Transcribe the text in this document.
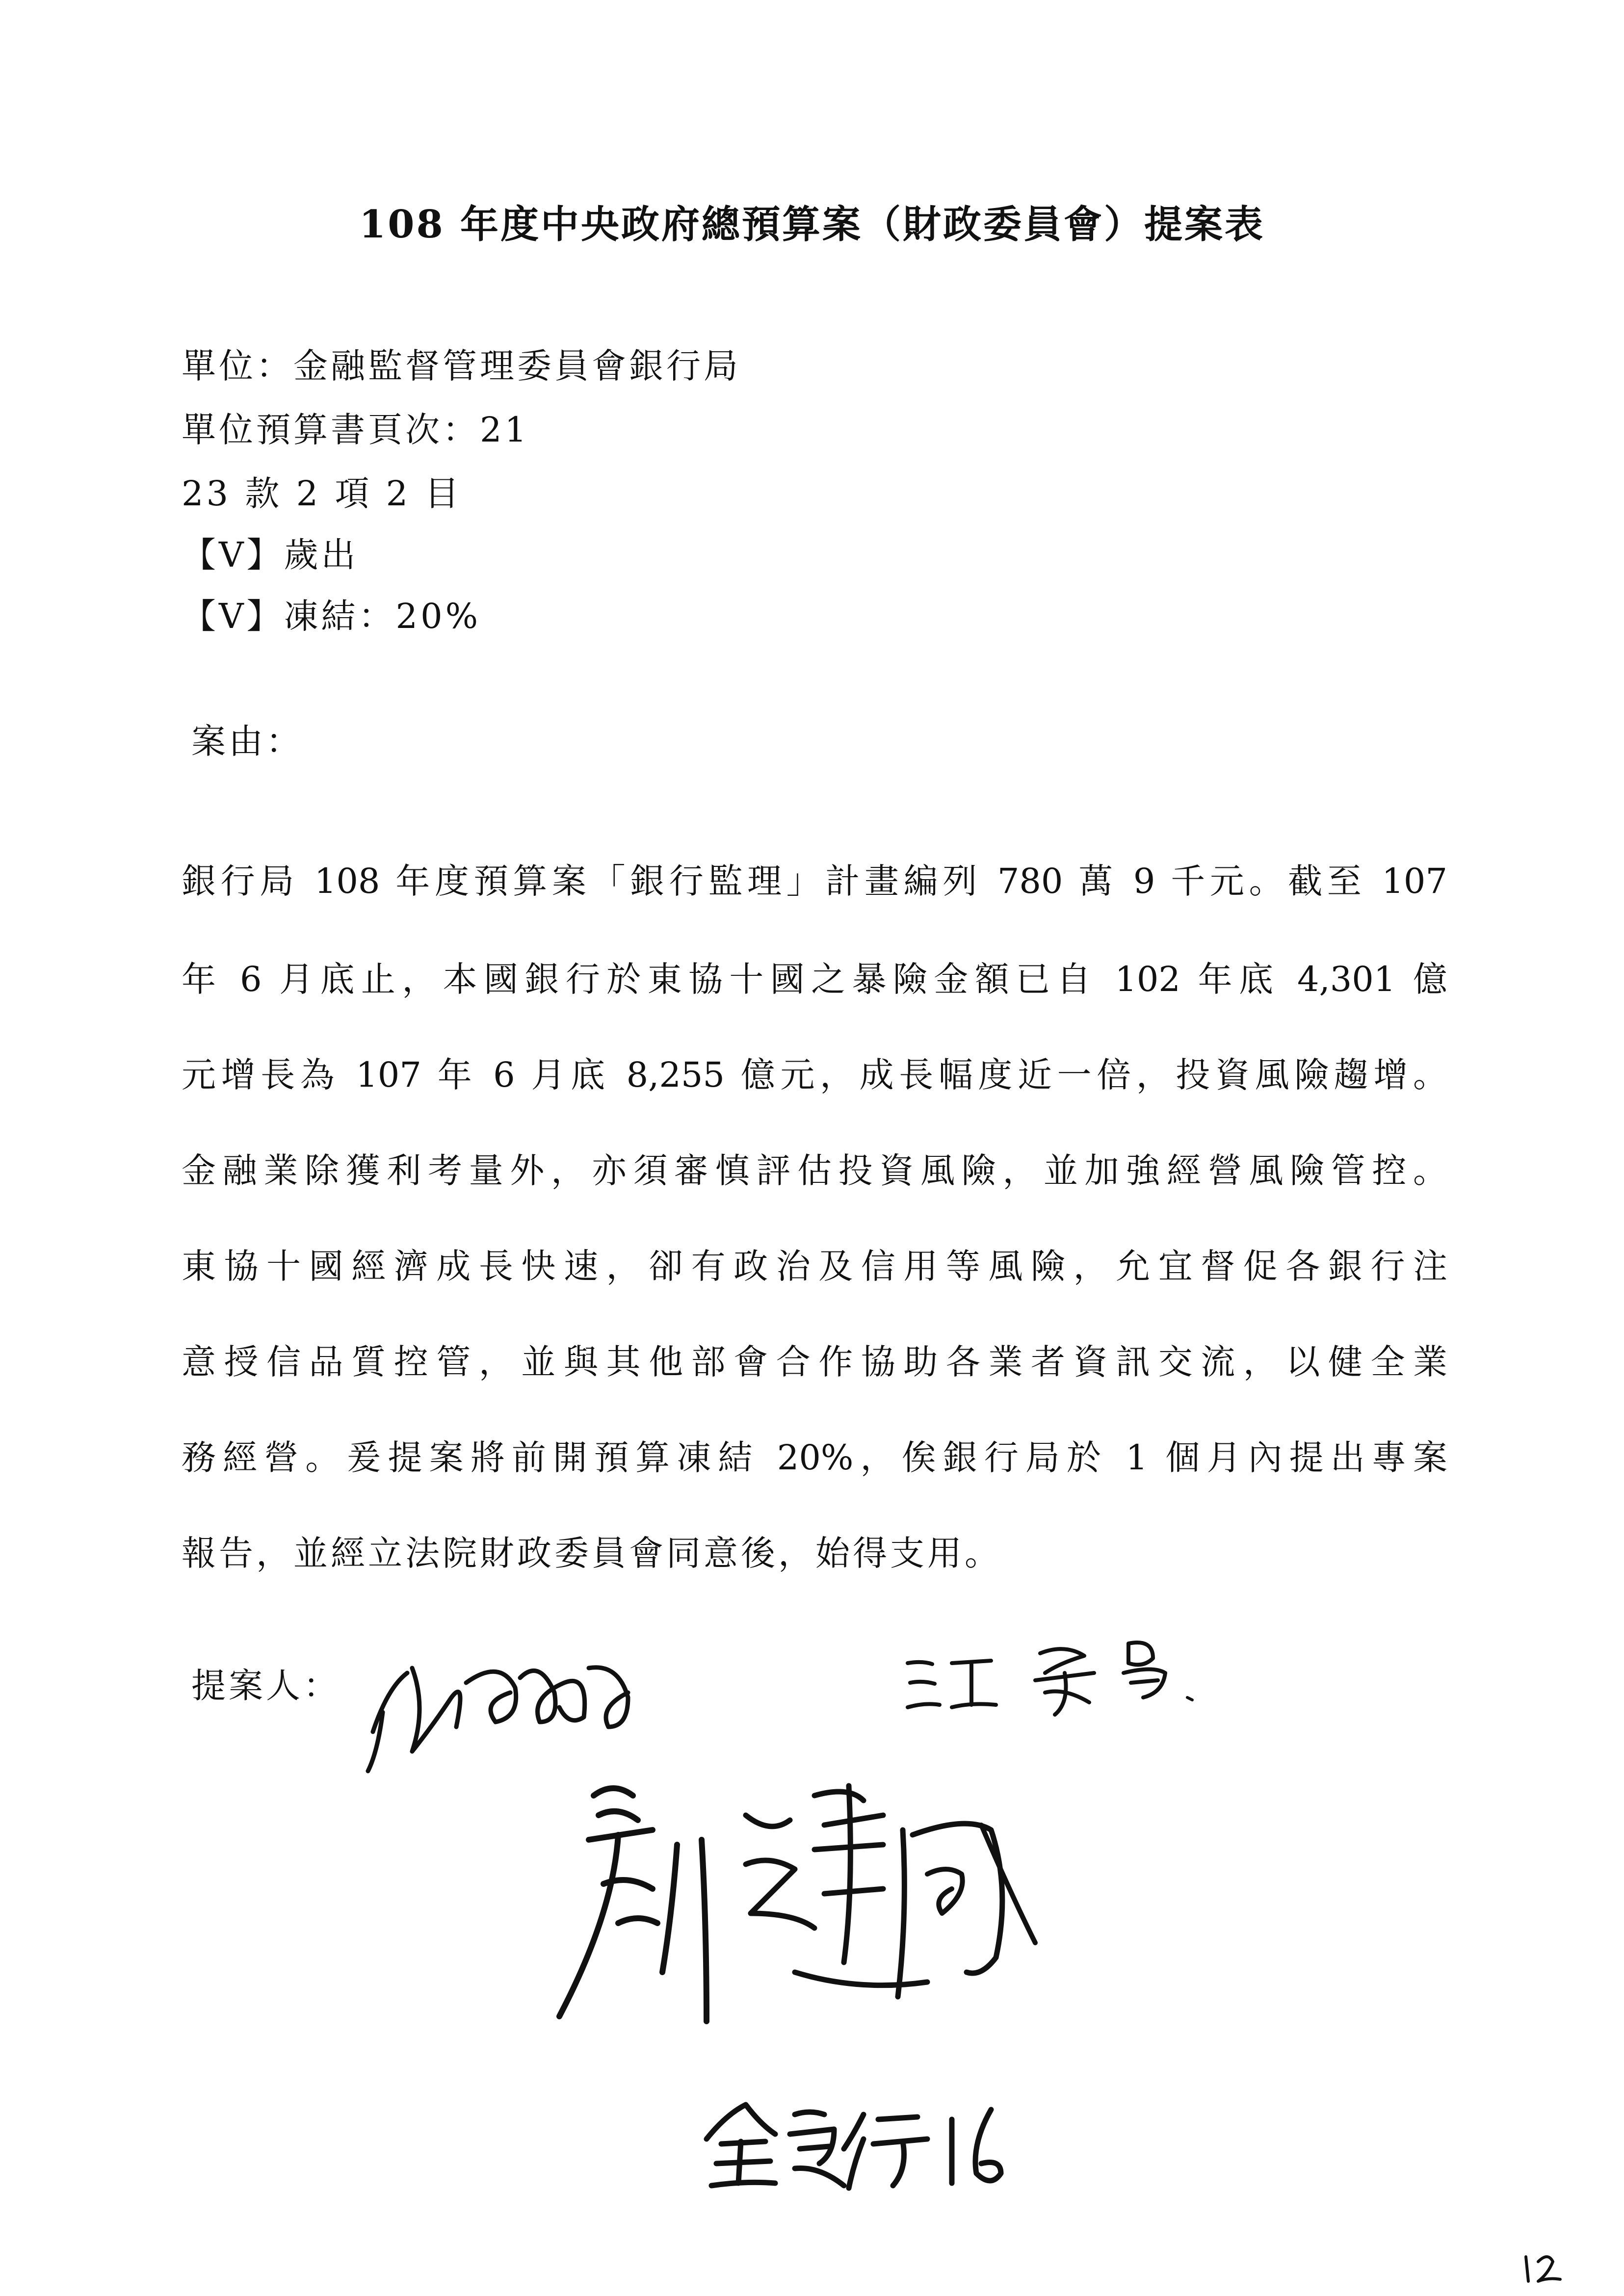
108 年度中央政府總預算案（財政委員會）提案表
單位：金融監督管理委員會銀行局
單位預算書頁次：21
23 款 2 項 2 目
【V】歲出
【V】凍結：20%
案由：
銀行局 108 年度預算案「銀行監理」計畫編列 780 萬 9 千元。截至 107
年 6 月底止，本國銀行於東協十國之暴險金額已自 102 年底 4,301 億
元增長為 107 年 6 月底 8,255 億元，成長幅度近一倍，投資風險趨增。
金融業除獲利考量外，亦須審慎評估投資風險，並加強經營風險管控。
東協十國經濟成長快速，卻有政治及信用等風險，允宜督促各銀行注
意授信品質控管，並與其他部會合作協助各業者資訊交流，以健全業
務經營。爰提案將前開預算凍結 20%，俟銀行局於 1 個月內提出專案
報告，並經立法院財政委員會同意後，始得支用。
提案人：
